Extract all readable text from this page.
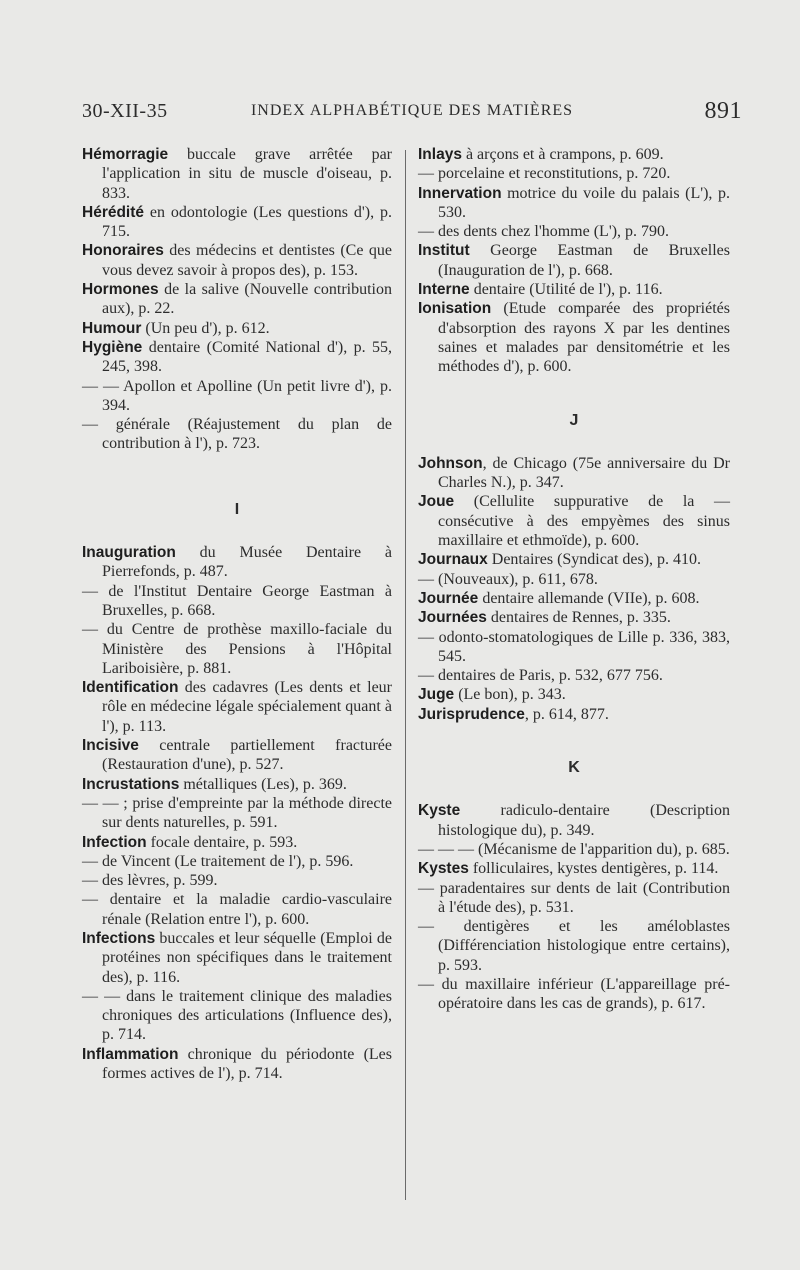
30-XII-35	INDEX ALPHABÉTIQUE DES MATIÈRES	891

Hémorragie buccale grave arrêtée par l'application in situ de muscle d'oiseau, p. 833.

Hérédité en odontologie (Les questions d'), p. 715.

Honoraires des médecins et dentistes (Ce que vous devez savoir à propos des), p. 153.

Hormones de la salive (Nouvelle contribution aux), p. 22.

Humour (Un peu d'), p. 612.

Hygiène dentaire (Comité National d'), p. 55, 245, 398.

— — Apollon et Apolline (Un petit livre d'), p. 394.

— générale (Réajustement du plan de contribution à l'), p. 723.

I

Inauguration du Musée Dentaire à Pierrefonds, p. 487.

— de l'Institut Dentaire George Eastman à Bruxelles, p. 668.

— du Centre de prothèse maxillo-faciale du Ministère des Pensions à l'Hôpital Lariboisière, p. 881.

Identification des cadavres (Les dents et leur rôle en médecine légale spécialement quant à l'), p. 113.

Incisive centrale partiellement fracturée (Restauration d'une), p. 527.

Incrustations métalliques (Les), p. 369.

— — ; prise d'empreinte par la méthode directe sur dents naturelles, p. 591.

Infection focale dentaire, p. 593.

— de Vincent (Le traitement de l'), p. 596.

— des lèvres, p. 599.

— dentaire et la maladie cardio-vasculaire rénale (Relation entre l'), p. 600.

Infections buccales et leur séquelle (Emploi de protéines non spécifiques dans le traitement des), p. 116.

— — dans le traitement clinique des maladies chroniques des articulations (Influence des), p. 714.

Inflammation chronique du périodonte (Les formes actives de l'), p. 714.

Inlays à arçons et à crampons, p. 609.

— porcelaine et reconstitutions, p. 720.

Innervation motrice du voile du palais (L'), p. 530.

— des dents chez l'homme (L'), p. 790.

Institut George Eastman de Bruxelles (Inauguration de l'), p. 668.

Interne dentaire (Utilité de l'), p. 116.

Ionisation (Etude comparée des propriétés d'absorption des rayons X par les dentines saines et malades par densitométrie et les méthodes d'), p. 600.

J

Johnson, de Chicago (75e anniversaire du Dr Charles N.), p. 347.

Joue (Cellulite suppurative de la — consécutive à des empyèmes des sinus maxillaire et ethmoïde), p. 600.

Journaux Dentaires (Syndicat des), p. 410.

— (Nouveaux), p. 611, 678.

Journée dentaire allemande (VIIe), p. 608.

Journées dentaires de Rennes, p. 335.

— odonto-stomatologiques de Lille p. 336, 383, 545.

— dentaires de Paris, p. 532, 677 756.

Juge (Le bon), p. 343.

Jurisprudence, p. 614, 877.

K

Kyste radiculo-dentaire (Description histologique du), p. 349.

— — — (Mécanisme de l'apparition du), p. 685.

Kystes folliculaires, kystes dentigères, p. 114.

— paradentaires sur dents de lait (Contribution à l'étude des), p. 531.

— dentigères et les améloblastes (Différenciation histologique entre certains), p. 593.

— du maxillaire inférieur (L'appareillage pré-opératoire dans les cas de grands), p. 617.
